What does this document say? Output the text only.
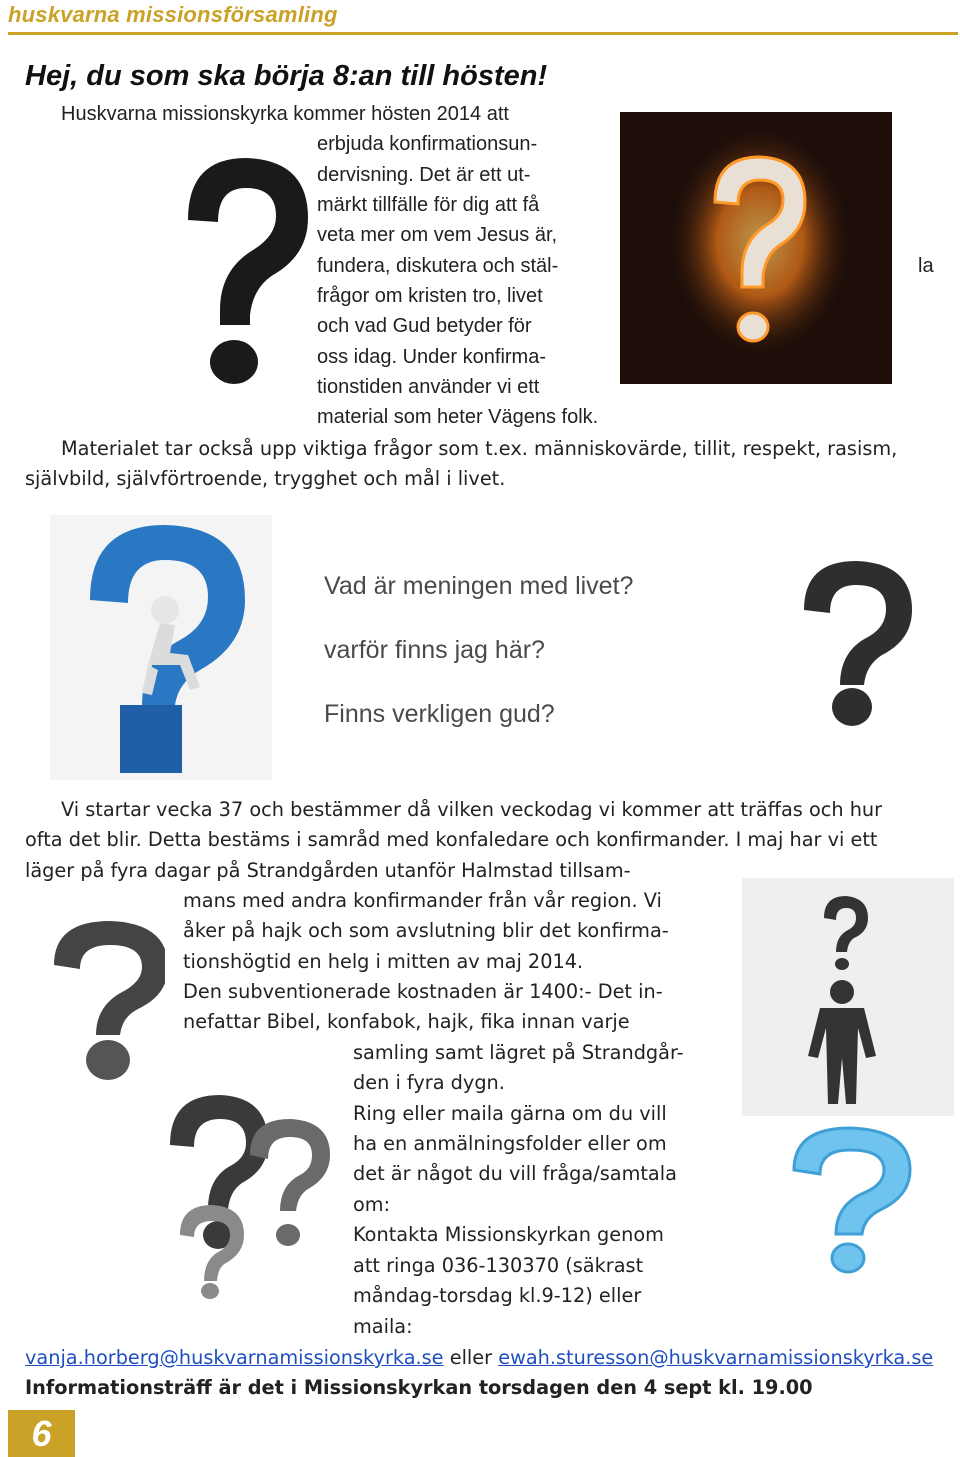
huskvarna missionsförsamling
Hej, du som ska börja 8:an till hösten!
Huskvarna missionskyrka kommer hösten 2014 att
erbjuda konfirmationsun-
dervisning. Det är ett ut-
märkt tillfälle för dig att få
veta mer om vem Jesus är,
fundera, diskutera och stäl-	la
frågor om kristen tro, livet
och vad Gud betyder för
oss idag. Under konfirma-
tionstiden använder vi ett
material som heter Vägens folk.
Materialet tar också upp viktiga frågor som t.ex. människovärde, tillit, respekt, rasism,
självbild, självförtroende, trygghet och mål i livet.
Vad är meningen med livet?
varför finns jag här?
Finns verkligen gud?
Vi startar vecka 37 och bestämmer då vilken veckodag vi kommer att träffas och hur
ofta det blir. Detta bestäms i samråd med konfaledare och konfirmander. I maj har vi ett
läger på fyra dagar på Strandgården utanför Halmstad tillsam-
mans med andra konfirmander från vår region. Vi
åker på hajk och som avslutning blir det konfirma-
tionshögtid en helg i mitten av maj 2014.
Den subventionerade kostnaden är 1400:- Det in-
nefattar Bibel, konfabok, hajk, fika innan varje
samling samt lägret på Strandgår-
den i fyra dygn.
Ring eller maila gärna om du vill
ha en anmälningsfolder eller om
det är något du vill fråga/samtala
om:
Kontakta Missionskyrkan genom
att ringa 036-130370 (säkrast
måndag-torsdag kl.9-12) eller
maila:
vanja.horberg@huskvarnamissionskyrka.se eller ewah.sturesson@huskvarnamissionskyrka.se
Informationsträff är det i Missionskyrkan torsdagen den 4 sept kl. 19.00
6
